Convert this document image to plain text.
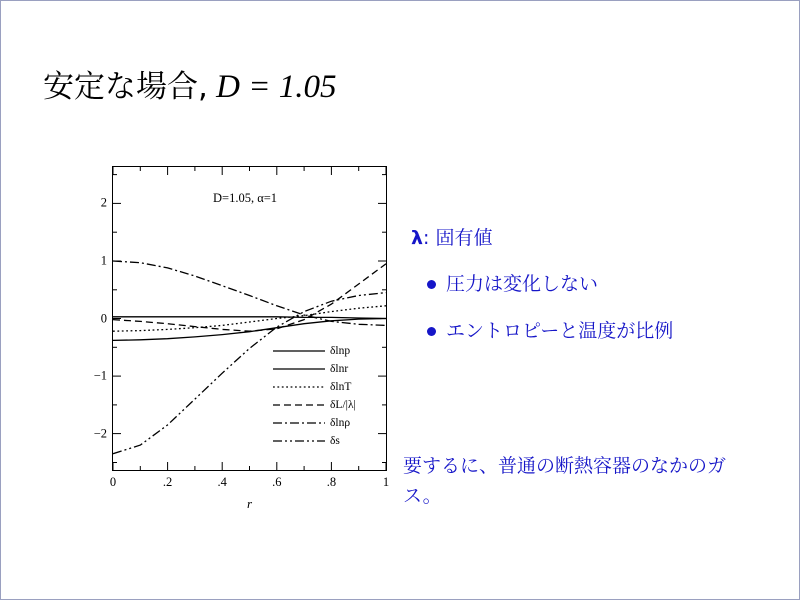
安定な場合, D = 1.05
2
1
0
−1
−2
0	.2	.4	.6	.8	1
D=1.05, α=1
δlnp
δlnr
δlnT
δL/|λ|
δlnρ
δs
r
λ: 固有値
圧力は変化しない
エントロピーと温度が比例
要するに、普通の断熱容器のなかのガス。
